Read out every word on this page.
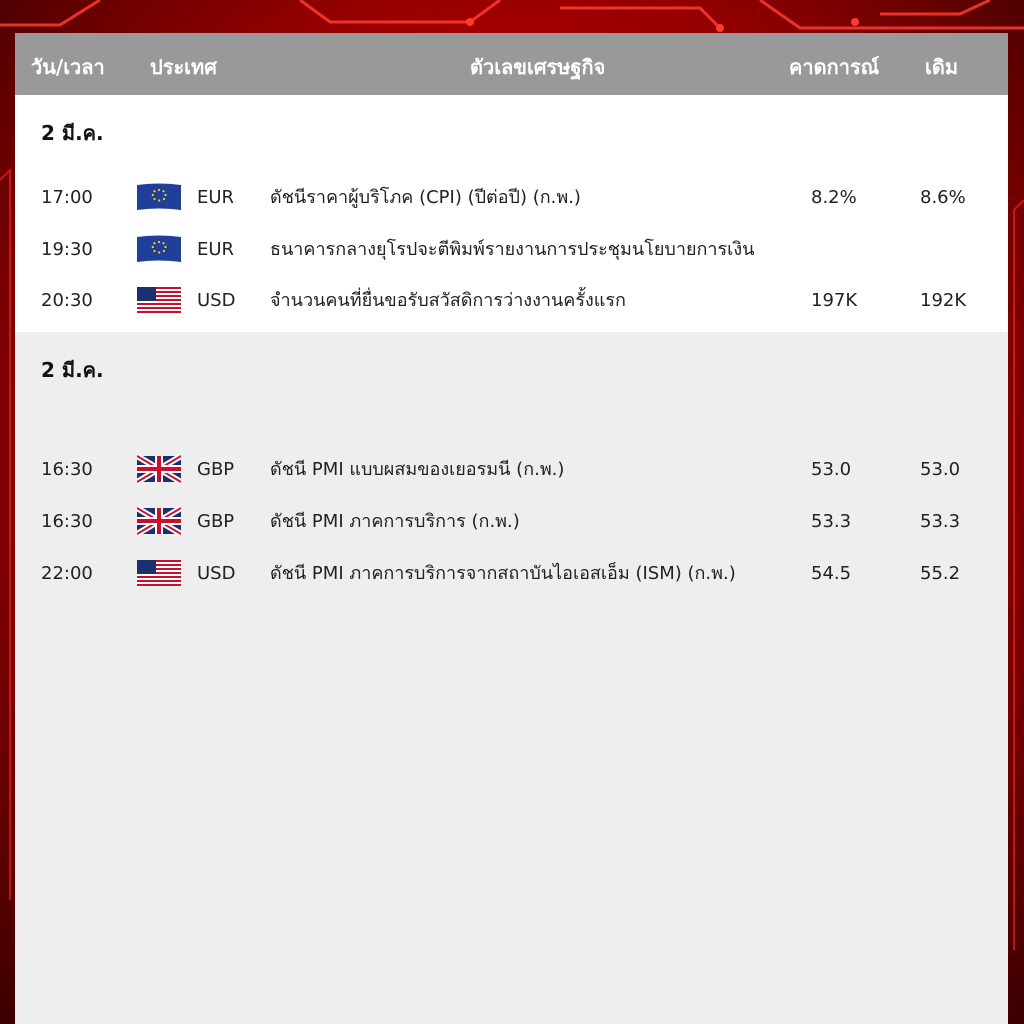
วัน/เวลา ประเทศ	ตัวเลขเศรษฐกิจ	คาดการณ์ เดิม
2 มี.ค.
17:00	EUR ดัชนีราคาผู้บริโภค (CPI) (ปีต่อปี) (ก.พ.)	8.2%	8.6%
19:30	EUR ธนาคารกลางยุโรปจะตีพิมพ์รายงานการประชุมนโยบายการเงิน
20:30	USD จำนวนคนที่ยื่นขอรับสวัสดิการว่างงานครั้งแรก	197K	192K
2 มี.ค.
16:30	GBP ดัชนี PMI แบบผสมของเยอรมนี (ก.พ.)	53.0	53.0
16:30	GBP ดัชนี PMI ภาคการบริการ (ก.พ.)	53.3	53.3
22:00	USD ดัชนี PMI ภาคการบริการจากสถาบันไอเอสเอ็ม (ISM) (ก.พ.)	54.5	55.2
